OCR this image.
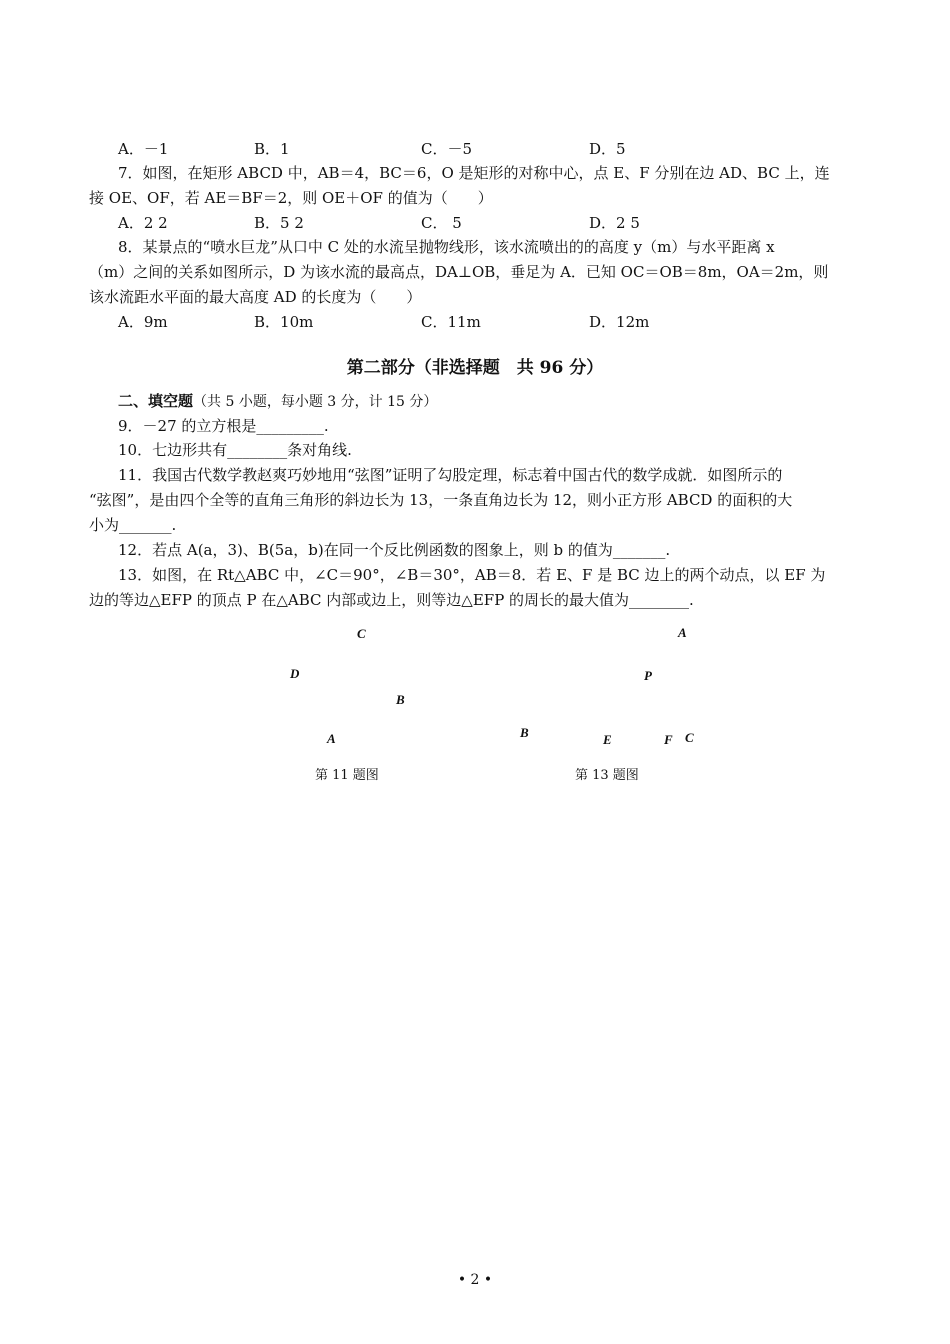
A．－1	B．1	C．－5	D．5
7．如图，在矩形 ABCD 中，AB＝4，BC＝6，O 是矩形的对称中心，点 E、F 分别在边 AD、BC 上，连
接 OE、OF，若 AE＝BF＝2，则 OE＋OF 的值为（　　）
A．2 2	B．5 2	C． 5	D．2 5
8．某景点的“喷水巨龙”从口中 C 处的水流呈抛物线形，该水流喷出的的高度 y（m）与水平距离 x
（m）之间的关系如图所示，D 为该水流的最高点，DA⊥OB，垂足为 A．已知 OC＝OB＝8m，OA＝2m，则
该水流距水平面的最大高度 AD 的长度为（　　）
A．9m	B．10m	C．11m	D．12m
第二部分（非选择题　共 96 分）
二、填空题（共 5 小题，每小题 3 分，计 15 分）
9．－27 的立方根是_________.
10．七边形共有________条对角线.
11．我国古代数学教赵爽巧妙地用“弦图”证明了勾股定理，标志着中国古代的数学成就．如图所示的
“弦图”，是由四个全等的直角三角形的斜边长为 13，一条直角边长为 12，则小正方形 ABCD 的面积的大
小为_______.
12．若点 A(a，3)、B(5a，b)在同一个反比例函数的图象上，则 b 的值为_______.
13．如图，在 Rt△ABC 中，∠C＝90°，∠B＝30°，AB＝8．若 E、F 是 BC 边上的两个动点，以 EF 为
边的等边△EFP 的顶点 P 在△ABC 内部或边上，则等边△EFP 的周长的最大值为________.
C
D
B
A
第 11 题图
A
P
B	E	F C
第 13 题图
• 2 •
